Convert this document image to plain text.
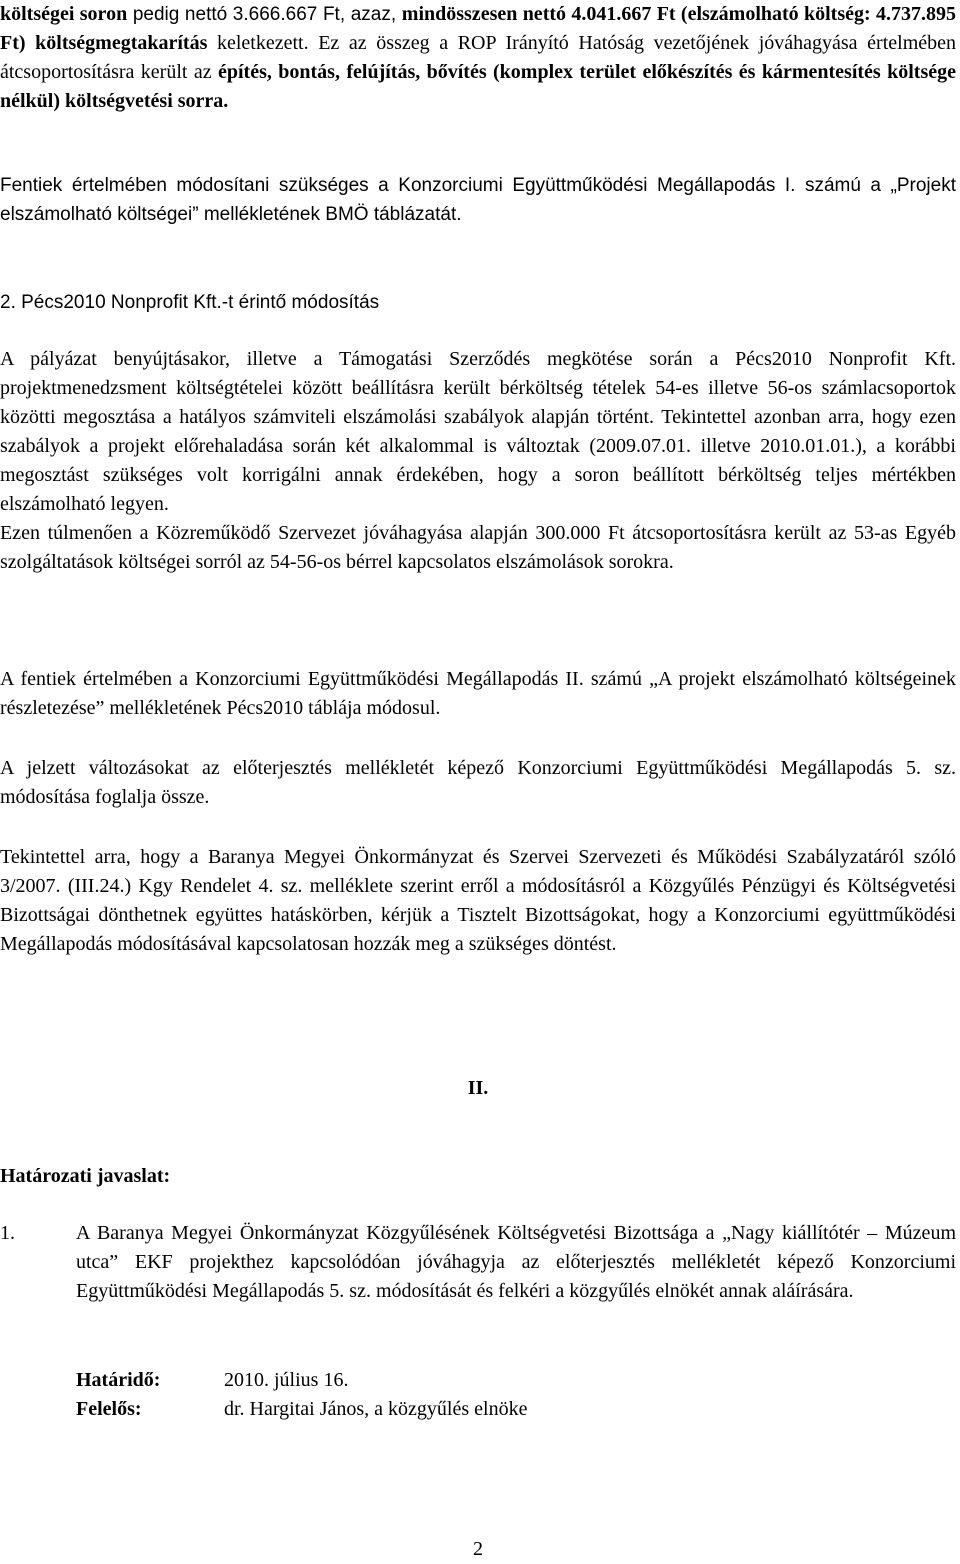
költségei soron pedig nettó 3.666.667 Ft, azaz, mindösszesen nettó 4.041.667 Ft (elszámolható költség: 4.737.895 Ft) költségmegtakarítás keletkezett. Ez az összeg a ROP Irányító Hatóság vezetőjének jóváhagyása értelmében átcsoportosításra került az építés, bontás, felújítás, bővítés (komplex terület előkészítés és kármentesítés költsége nélkül) költségvetési sorra.

Fentiek értelmében módosítani szükséges a Konzorciumi Együttműködési Megállapodás I. számú a „Projekt elszámolható költségei” mellékletének BMÖ táblázatát.

2. Pécs2010 Nonprofit Kft.-t érintő módosítás

A pályázat benyújtásakor, illetve a Támogatási Szerződés megkötése során a Pécs2010 Nonprofit Kft. projektmenedzsment költségtételei között beállításra került bérköltség tételek 54-es illetve 56-os számlacsoportok közötti megosztása a hatályos számviteli elszámolási szabályok alapján történt. Tekintettel azonban arra, hogy ezen szabályok a projekt előrehaladása során két alkalommal is változtak (2009.07.01. illetve 2010.01.01.), a korábbi megosztást szükséges volt korrigálni annak érdekében, hogy a soron beállított bérköltség teljes mértékben elszámolható legyen.

Ezen túlmenően a Közreműködő Szervezet jóváhagyása alapján 300.000 Ft átcsoportosításra került az 53-as Egyéb szolgáltatások költségei sorról az 54-56-os bérrel kapcsolatos elszámolások sorokra.

A fentiek értelmében a Konzorciumi Együttműködési Megállapodás II. számú „A projekt elszámolható költségeinek részletezése” mellékletének Pécs2010 táblája módosul.

A jelzett változásokat az előterjesztés mellékletét képező Konzorciumi Együttműködési Megállapodás 5. sz. módosítása foglalja össze.

Tekintettel arra, hogy a Baranya Megyei Önkormányzat és Szervei Szervezeti és Működési Szabályzatáról szóló 3/2007. (III.24.) Kgy Rendelet 4. sz. melléklete szerint erről a módosításról a Közgyűlés Pénzügyi és Költségvetési Bizottságai dönthetnek együttes hatáskörben, kérjük a Tisztelt Bizottságokat, hogy a Konzorciumi együttműködési Megállapodás módosításával kapcsolatosan hozzák meg a szükséges döntést.

II.
Határozati javaslat:
1.	A Baranya Megyei Önkormányzat Közgyűlésének Költségvetési Bizottsága a „Nagy kiállítótér – Múzeum utca” EKF projekthez kapcsolódóan jóváhagyja az előterjesztés mellékletét képező Konzorciumi Együttműködési Megállapodás 5. sz. módosítását és felkéri a közgyűlés elnökét annak aláírására.

Határidő:	2010. július 16.
Felelős:	dr. Hargitai János, a közgyűlés elnöke
2
